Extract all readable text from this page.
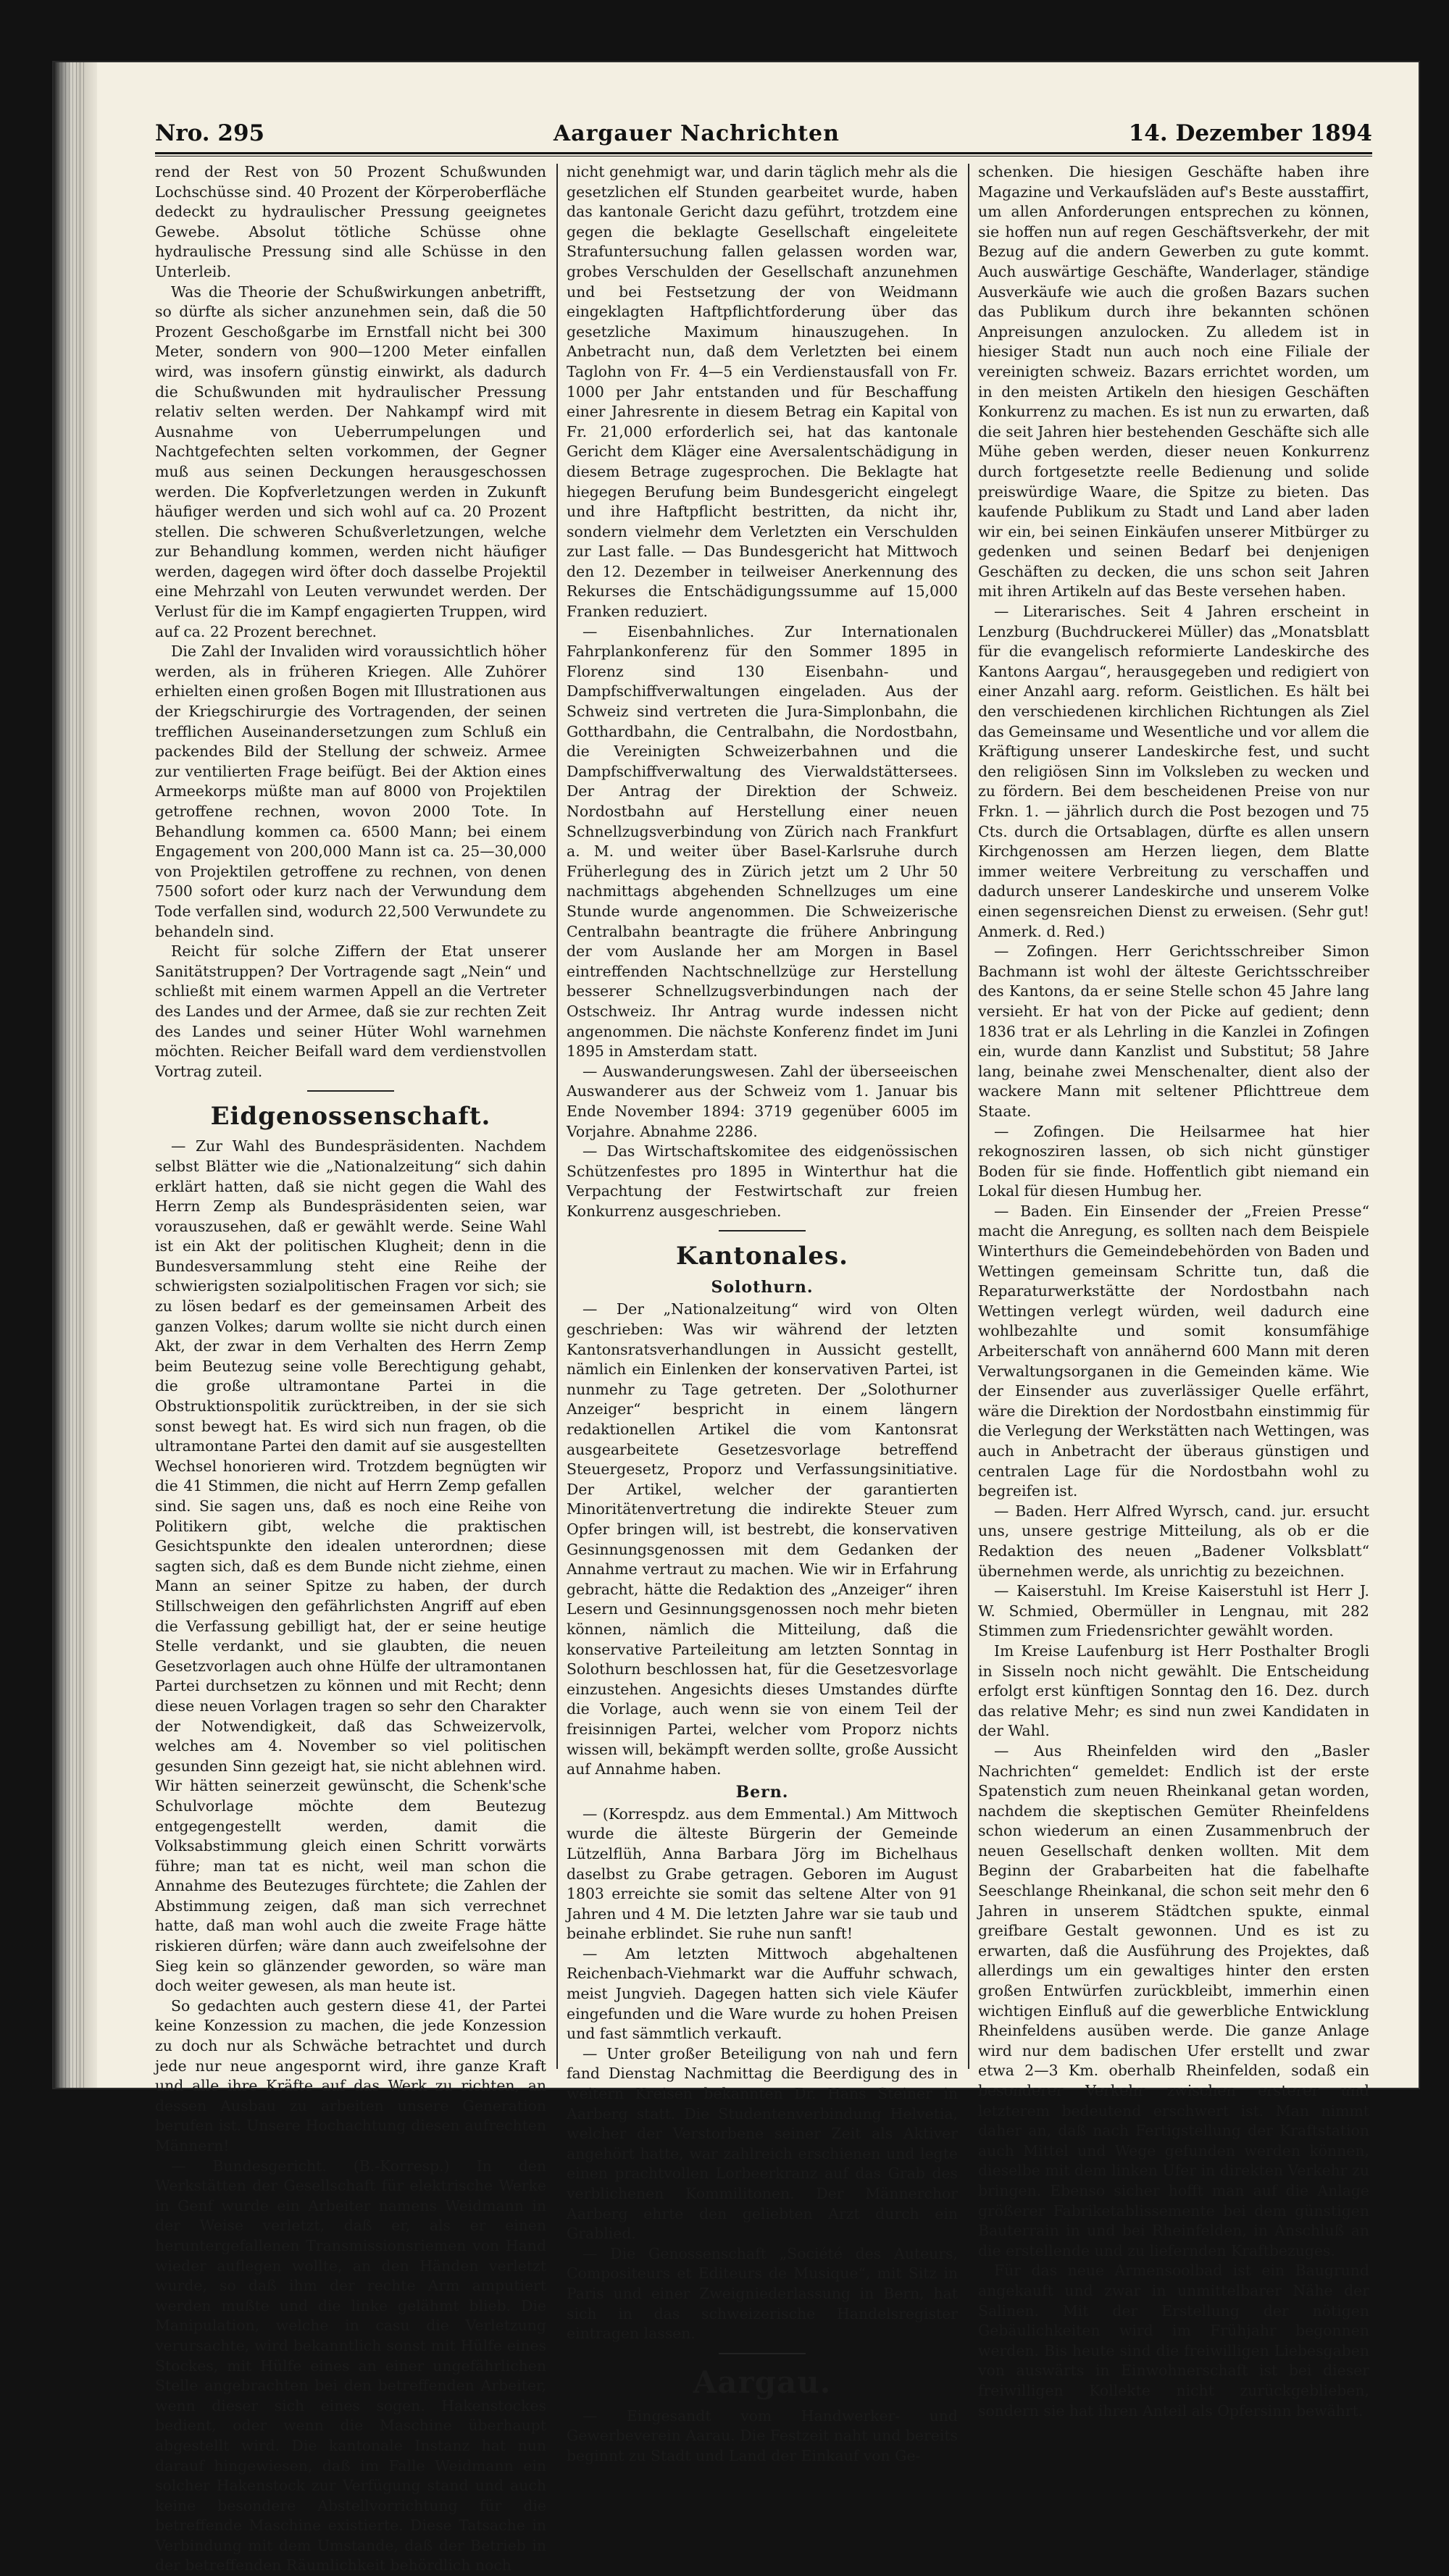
Nro. 295	Aargauer Nachrichten	14. Dezember 1894

rend der Rest von 50 Prozent Schußwunden Lochschüsse sind. 40 Prozent der Körperoberfläche dedeckt zu hydraulischer Pressung geeignetes Gewebe. Absolut tötliche Schüsse ohne hydraulische Pressung sind alle Schüsse in den Unterleib.

Was die Theorie der Schußwirkungen anbetrifft, so dürfte als sicher anzunehmen sein, daß die 50 Prozent Geschoßgarbe im Ernstfall nicht bei 300 Meter, sondern von 900—1200 Meter einfallen wird, was insofern günstig einwirkt, als dadurch die Schußwunden mit hydraulischer Pressung relativ selten werden. Der Nahkampf wird mit Ausnahme von Ueberrumpelungen und Nachtgefechten selten vorkommen, der Gegner muß aus seinen Deckungen herausgeschossen werden. Die Kopfverletzungen werden in Zukunft häufiger werden und sich wohl auf ca. 20 Prozent stellen. Die schweren Schußverletzungen, welche zur Behandlung kommen, werden nicht häufiger werden, dagegen wird öfter doch dasselbe Projektil eine Mehrzahl von Leuten verwundet werden. Der Verlust für die im Kampf engagierten Truppen, wird auf ca. 22 Prozent berechnet.

Die Zahl der Invaliden wird voraussichtlich höher werden, als in früheren Kriegen. Alle Zuhörer erhielten einen großen Bogen mit Illustrationen aus der Kriegschirurgie des Vortragenden, der seinen trefflichen Auseinandersetzungen zum Schluß ein packendes Bild der Stellung der schweiz. Armee zur ventilierten Frage beifügt. Bei der Aktion eines Armeekorps müßte man auf 8000 von Projektilen getroffene rechnen, wovon 2000 Tote. In Behandlung kommen ca. 6500 Mann; bei einem Engagement von 200,000 Mann ist ca. 25—30,000 von Projektilen getroffene zu rechnen, von denen 7500 sofort oder kurz nach der Verwundung dem Tode verfallen sind, wodurch 22,500 Verwundete zu behandeln sind.

Reicht für solche Ziffern der Etat unserer Sanitätstruppen? Der Vortragende sagt „Nein“ und schließt mit einem warmen Appell an die Vertreter des Landes und der Armee, daß sie zur rechten Zeit des Landes und seiner Hüter Wohl warnehmen möchten. Reicher Beifall ward dem verdienstvollen Vortrag zuteil.

Eidgenossenschaft.

— Zur Wahl des Bundespräsidenten. Nachdem selbst Blätter wie die „Nationalzeitung“ sich dahin erklärt hatten, daß sie nicht gegen die Wahl des Herrn Zemp als Bundespräsidenten seien, war vorauszusehen, daß er gewählt werde. Seine Wahl ist ein Akt der politischen Klugheit; denn in die Bundesversammlung steht eine Reihe der schwierigsten sozialpolitischen Fragen vor sich; sie zu lösen bedarf es der gemeinsamen Arbeit des ganzen Volkes; darum wollte sie nicht durch einen Akt, der zwar in dem Verhalten des Herrn Zemp beim Beutezug seine volle Berechtigung gehabt, die große ultramontane Partei in die Obstruktionspolitik zurücktreiben, in der sie sich sonst bewegt hat. Es wird sich nun fragen, ob die ultramontane Partei den damit auf sie ausgestellten Wechsel honorieren wird. Trotzdem begnügten wir die 41 Stimmen, die nicht auf Herrn Zemp gefallen sind. Sie sagen uns, daß es noch eine Reihe von Politikern gibt, welche die praktischen Gesichtspunkte den idealen unterordnen; diese sagten sich, daß es dem Bunde nicht ziehme, einen Mann an seiner Spitze zu haben, der durch Stillschweigen den gefährlichsten Angriff auf eben die Verfassung gebilligt hat, der er seine heutige Stelle verdankt, und sie glaubten, die neuen Gesetzvorlagen auch ohne Hülfe der ultramontanen Partei durchsetzen zu können und mit Recht; denn diese neuen Vorlagen tragen so sehr den Charakter der Notwendigkeit, daß das Schweizervolk, welches am 4. November so viel politischen gesunden Sinn gezeigt hat, sie nicht ablehnen wird. Wir hätten seinerzeit gewünscht, die Schenk'sche Schulvorlage möchte dem Beutezug entgegengestellt werden, damit die Volksabstimmung gleich einen Schritt vorwärts führe; man tat es nicht, weil man schon die Annahme des Beutezuges fürchtete; die Zahlen der Abstimmung zeigen, daß man sich verrechnet hatte, daß man wohl auch die zweite Frage hätte riskieren dürfen; wäre dann auch zweifelsohne der Sieg kein so glänzender geworden, so wäre man doch weiter gewesen, als man heute ist.

So gedachten auch gestern diese 41, der Partei keine Konzession zu machen, die jede Konzession zu doch nur als Schwäche betrachtet und durch jede nur neue angespornt wird, ihre ganze Kraft und alle ihre Kräfte auf das Werk zu richten, an dessen Ausbau zu arbeiten unsere Generation berufen ist. Unsere Hochachtung diesen aufrechten Männern!

— Bundesgericht. (B.-Korresp.) In den Werkstätten der Gesellschaft für elektrische Werke in Genf wurde ein Arbeiter namens Weidmann in der Weise verletzt, daß er, als er einen heruntergefallenen Transmissionsriemen von Hand wieder auflegen wollte, an den Händen verletzt wurde, so daß ihm der rechte Arm amputiert werden mußte und die linke gelähmt blieb. Die Manipulation, welche in casu die Verletzung verursachte, wird bekanntlich sonst mit Hülfe eines Stockes, mit Hülfe eines an einer ungefährlichen Stelle angebrachten bei den betreffenden Arbeiter, wenn dieser sich eines sogen. Hakenstockes bedient, oder wenn die Maschine überhaupt abgestellt wird. Die kantonale Instanz hat nun darauf hingewiesen, daß im Falle Weidmann ein solcher Hakenstock zur Verfügung stand und auch keine besondere Abstellvorrichtung für die betreffende Maschine existierte. Diese Tatsache in Verbindung mit dem Umstande, daß der Betrieb in der betreffenden Räumlichkeit behördlich noch

nicht genehmigt war, und darin täglich mehr als die gesetzlichen elf Stunden gearbeitet wurde, haben das kantonale Gericht dazu geführt, trotzdem eine gegen die beklagte Gesellschaft eingeleitete Strafuntersuchung fallen gelassen worden war, grobes Verschulden der Gesellschaft anzunehmen und bei Festsetzung der von Weidmann eingeklagten Haftpflichtforderung über das gesetzliche Maximum hinauszugehen. In Anbetracht nun, daß dem Verletzten bei einem Taglohn von Fr. 4—5 ein Verdienstausfall von Fr. 1000 per Jahr entstanden und für Beschaffung einer Jahresrente in diesem Betrag ein Kapital von Fr. 21,000 erforderlich sei, hat das kantonale Gericht dem Kläger eine Aversalentschädigung in diesem Betrage zugesprochen. Die Beklagte hat hiegegen Berufung beim Bundesgericht eingelegt und ihre Haftpflicht bestritten, da nicht ihr, sondern vielmehr dem Verletzten ein Verschulden zur Last falle. — Das Bundesgericht hat Mittwoch den 12. Dezember in teilweiser Anerkennung des Rekurses die Entschädigungssumme auf 15,000 Franken reduziert.

— Eisenbahnliches. Zur Internationalen Fahrplankonferenz für den Sommer 1895 in Florenz sind 130 Eisenbahn- und Dampfschiffverwaltungen eingeladen. Aus der Schweiz sind vertreten die Jura-Simplonbahn, die Gotthardbahn, die Centralbahn, die Nordostbahn, die Vereinigten Schweizerbahnen und die Dampfschiffverwaltung des Vierwaldstättersees. Der Antrag der Direktion der Schweiz. Nordostbahn auf Herstellung einer neuen Schnellzugsverbindung von Zürich nach Frankfurt a. M. und weiter über Basel-Karlsruhe durch Früherlegung des in Zürich jetzt um 2 Uhr 50 nachmittags abgehenden Schnellzuges um eine Stunde wurde angenommen. Die Schweizerische Centralbahn beantragte die frühere Anbringung der vom Auslande her am Morgen in Basel eintreffenden Nachtschnellzüge zur Herstellung besserer Schnellzugsverbindungen nach der Ostschweiz. Ihr Antrag wurde indessen nicht angenommen. Die nächste Konferenz findet im Juni 1895 in Amsterdam statt.

— Auswanderungswesen. Zahl der überseeischen Auswanderer aus der Schweiz vom 1. Januar bis Ende November 1894: 3719 gegenüber 6005 im Vorjahre. Abnahme 2286.

— Das Wirtschaftskomitee des eidgenössischen Schützenfestes pro 1895 in Winterthur hat die Verpachtung der Festwirtschaft zur freien Konkurrenz ausgeschrieben.

Kantonales.
Solothurn.

— Der „Nationalzeitung“ wird von Olten geschrieben: Was wir während der letzten Kantonsratsverhandlungen in Aussicht gestellt, nämlich ein Einlenken der konservativen Partei, ist nunmehr zu Tage getreten. Der „Solothurner Anzeiger“ bespricht in einem längern redaktionellen Artikel die vom Kantonsrat ausgearbeitete Gesetzesvorlage betreffend Steuergesetz, Proporz und Verfassungsinitiative. Der Artikel, welcher der garantierten Minoritätenvertretung die indirekte Steuer zum Opfer bringen will, ist bestrebt, die konservativen Gesinnungsgenossen mit dem Gedanken der Annahme vertraut zu machen. Wie wir in Erfahrung gebracht, hätte die Redaktion des „Anzeiger“ ihren Lesern und Gesinnungsgenossen noch mehr bieten können, nämlich die Mitteilung, daß die konservative Parteileitung am letzten Sonntag in Solothurn beschlossen hat, für die Gesetzesvorlage einzustehen. Angesichts dieses Umstandes dürfte die Vorlage, auch wenn sie von einem Teil der freisinnigen Partei, welcher vom Proporz nichts wissen will, bekämpft werden sollte, große Aussicht auf Annahme haben.

Bern.

— (Korrespdz. aus dem Emmental.) Am Mittwoch wurde die älteste Bürgerin der Gemeinde Lützelflüh, Anna Barbara Jörg im Bichelhaus daselbst zu Grabe getragen. Geboren im August 1803 erreichte sie somit das seltene Alter von 91 Jahren und 4 M. Die letzten Jahre war sie taub und beinahe erblindet. Sie ruhe nun sanft!

— Am letzten Mittwoch abgehaltenen Reichenbach-Viehmarkt war die Auffuhr schwach, meist Jungvieh. Dagegen hatten sich viele Käufer eingefunden und die Ware wurde zu hohen Preisen und fast sämmtlich verkauft.

— Unter großer Beteiligung von nah und fern fand Dienstag Nachmittag die Beerdigung des in weitern Kreisen bekannten Dr. Hans Steiner in Aarberg statt. Die Studentenverbindung Helvetia, welcher der Verstorbene seiner Zeit als Aktiver angehört hatte, war zahlreich erschienen und legte einen prachtvollen Lorbeerkranz auf das Grab des verblichenen Kommilitonen. Der Männerchor Aarberg ehrte den geliebten Arzt durch ein Grablied.

— Die Genossenschaft „Société des Auteurs, Compositeurs et Editeurs de Musique“, mit Sitz in Paris und einer Zweigniederlassung in Bern, hat sich in das schweizerische Handelsregister eintragen lassen.

Aargau.

— Eingesandt vom Handwerker- und Gewerbeverein Aarau. Die Festzeit naht und bereits beginnt zu Stadt und Land der Einkauf von Ge-

schenken. Die hiesigen Geschäfte haben ihre Magazine und Verkaufsläden auf's Beste ausstaffirt, um allen Anforderungen entsprechen zu können, sie hoffen nun auf regen Geschäftsverkehr, der mit Bezug auf die andern Gewerben zu gute kommt. Auch auswärtige Geschäfte, Wanderlager, ständige Ausverkäufe wie auch die großen Bazars suchen das Publikum durch ihre bekannten schönen Anpreisungen anzulocken. Zu alledem ist in hiesiger Stadt nun auch noch eine Filiale der vereinigten schweiz. Bazars errichtet worden, um in den meisten Artikeln den hiesigen Geschäften Konkurrenz zu machen. Es ist nun zu erwarten, daß die seit Jahren hier bestehenden Geschäfte sich alle Mühe geben werden, dieser neuen Konkurrenz durch fortgesetzte reelle Bedienung und solide preiswürdige Waare, die Spitze zu bieten. Das kaufende Publikum zu Stadt und Land aber laden wir ein, bei seinen Einkäufen unserer Mitbürger zu gedenken und seinen Bedarf bei denjenigen Geschäften zu decken, die uns schon seit Jahren mit ihren Artikeln auf das Beste versehen haben.

— Literarisches. Seit 4 Jahren erscheint in Lenzburg (Buchdruckerei Müller) das „Monatsblatt für die evangelisch reformierte Landeskirche des Kantons Aargau“, herausgegeben und redigiert von einer Anzahl aarg. reform. Geistlichen. Es hält bei den verschiedenen kirchlichen Richtungen als Ziel das Gemeinsame und Wesentliche und vor allem die Kräftigung unserer Landeskirche fest, und sucht den religiösen Sinn im Volksleben zu wecken und zu fördern. Bei dem bescheidenen Preise von nur Frkn. 1. — jährlich durch die Post bezogen und 75 Cts. durch die Ortsablagen, dürfte es allen unsern Kirchgenossen am Herzen liegen, dem Blatte immer weitere Verbreitung zu verschaffen und dadurch unserer Landeskirche und unserem Volke einen segensreichen Dienst zu erweisen. (Sehr gut! Anmerk. d. Red.)

— Zofingen. Herr Gerichtsschreiber Simon Bachmann ist wohl der älteste Gerichtsschreiber des Kantons, da er seine Stelle schon 45 Jahre lang versieht. Er hat von der Picke auf gedient; denn 1836 trat er als Lehrling in die Kanzlei in Zofingen ein, wurde dann Kanzlist und Substitut; 58 Jahre lang, beinahe zwei Menschenalter, dient also der wackere Mann mit seltener Pflichttreue dem Staate.

— Zofingen. Die Heilsarmee hat hier rekognosziren lassen, ob sich nicht günstiger Boden für sie finde. Hoffentlich gibt niemand ein Lokal für diesen Humbug her.

— Baden. Ein Einsender der „Freien Presse“ macht die Anregung, es sollten nach dem Beispiele Winterthurs die Gemeindebehörden von Baden und Wettingen gemeinsam Schritte tun, daß die Reparaturwerkstätte der Nordostbahn nach Wettingen verlegt würden, weil dadurch eine wohlbezahlte und somit konsumfähige Arbeiterschaft von annähernd 600 Mann mit deren Verwaltungsorganen in die Gemeinden käme. Wie der Einsender aus zuverlässiger Quelle erfährt, wäre die Direktion der Nordostbahn einstimmig für die Verlegung der Werkstätten nach Wettingen, was auch in Anbetracht der überaus günstigen und centralen Lage für die Nordostbahn wohl zu begreifen ist.

— Baden. Herr Alfred Wyrsch, cand. jur. ersucht uns, unsere gestrige Mitteilung, als ob er die Redaktion des neuen „Badener Volksblatt“ übernehmen werde, als unrichtig zu bezeichnen.

— Kaiserstuhl. Im Kreise Kaiserstuhl ist Herr J. W. Schmied, Obermüller in Lengnau, mit 282 Stimmen zum Friedensrichter gewählt worden.

Im Kreise Laufenburg ist Herr Posthalter Brogli in Sisseln noch nicht gewählt. Die Entscheidung erfolgt erst künftigen Sonntag den 16. Dez. durch das relative Mehr; es sind nun zwei Kandidaten in der Wahl.

— Aus Rheinfelden wird den „Basler Nachrichten“ gemeldet: Endlich ist der erste Spatenstich zum neuen Rheinkanal getan worden, nachdem die skeptischen Gemüter Rheinfeldens schon wiederum an einen Zusammenbruch der neuen Gesellschaft denken wollten. Mit dem Beginn der Grabarbeiten hat die fabelhafte Seeschlange Rheinkanal, die schon seit mehr den 6 Jahren in unserem Städtchen spukte, einmal greifbare Gestalt gewonnen. Und es ist zu erwarten, daß die Ausführung des Projektes, daß allerdings um ein gewaltiges hinter den ersten großen Entwürfen zurückbleibt, immerhin einen wichtigen Einfluß auf die gewerbliche Entwicklung Rheinfeldens ausüben werde. Die ganze Anlage wird nur dem badischen Ufer erstellt und zwar etwa 2—3 Km. oberhalb Rheinfelden, sodaß ein besonderer Verkehr zwischen ersterer und letzterem bedeutend erschwert ist. Man nimmt daher an, daß nach Fertigstellung der Kraftstation auch Mittel und Wege gefunden werden können, dieselbe mit dem linken Ufer in direkten Verkehr zu bringen. Ebenso sicher hofft man auf die Anlage größerer Fabriketablissemente bei dem günstigen Bauterrain in und bei Rheinfelden, in Anschluß an die erstellende und zu liefernden Kraftbezuges.

Für das neue Armensoolbad ist ein Baugrund angekauft und zwar in unmittelbarer Nähe der Salinen. Mit der Erstellung der nötigen Gebäulichkeiten wird im Frühjahr begonnen werden. Bis heute sind die freiwilligen Liebesgaben von auswärts in Einwohnerschaft ist bei dieser freiwilligen Kollekte nicht zurückgeblieben, sondern sie hat ihren Anteil als Opfersinn bewährt.
